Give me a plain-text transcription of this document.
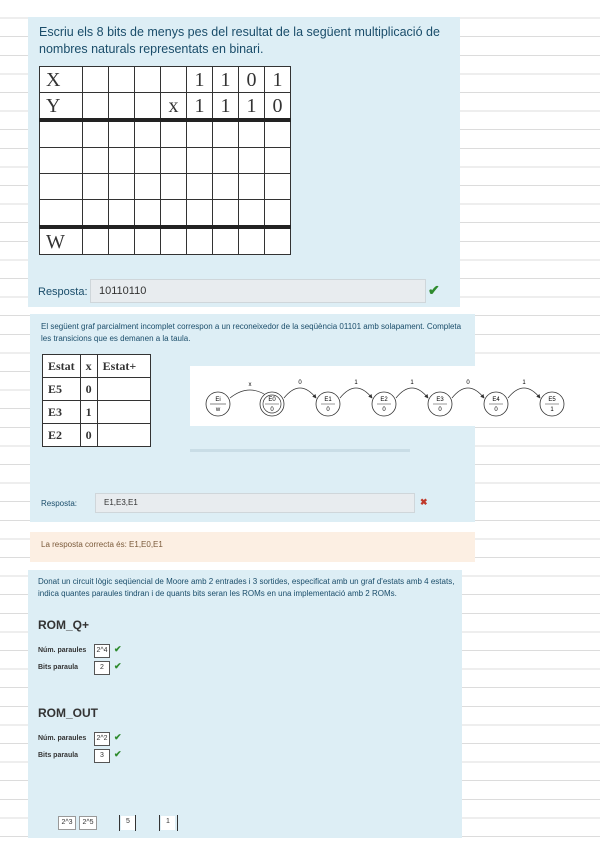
Escriu els 8 bits de menys pes del resultat de la següent multiplicació de nombres naturals representats en binari.
X					1	1	0	1
Y				x	1	1	1	0

W								
Resposta:	10110110	✔
El següent graf parcialment incomplet correspon a un reconeixedor de la seqüència 01101 amb solapament. Completa les transicions que es demanen a la taula.
Estat	x	Estat+
E5	0	
E3	1	
E2	0	
Ei
w
x
E0
0
E1
0
E2
0
E3
0
E4
0
E5
1
0	1	1	0	1
Resposta:	E1,E3,E1	✖
La resposta correcta és: E1,E0,E1
Donat un circuit lògic seqüencial de Moore amb 2 entrades i 3 sortides, especificat amb un graf d'estats amb 4 estats, indica quantes paraules tindran i de quants bits seran les ROMs en una implementació amb 2 ROMs.
ROM_Q+
Núm. paraules	2^4 ✔
Bits paraula	2	✔
ROM_OUT
Núm. paraules	2^2 ✔
Bits paraula	3	✔
2^3	2^5	5	1
